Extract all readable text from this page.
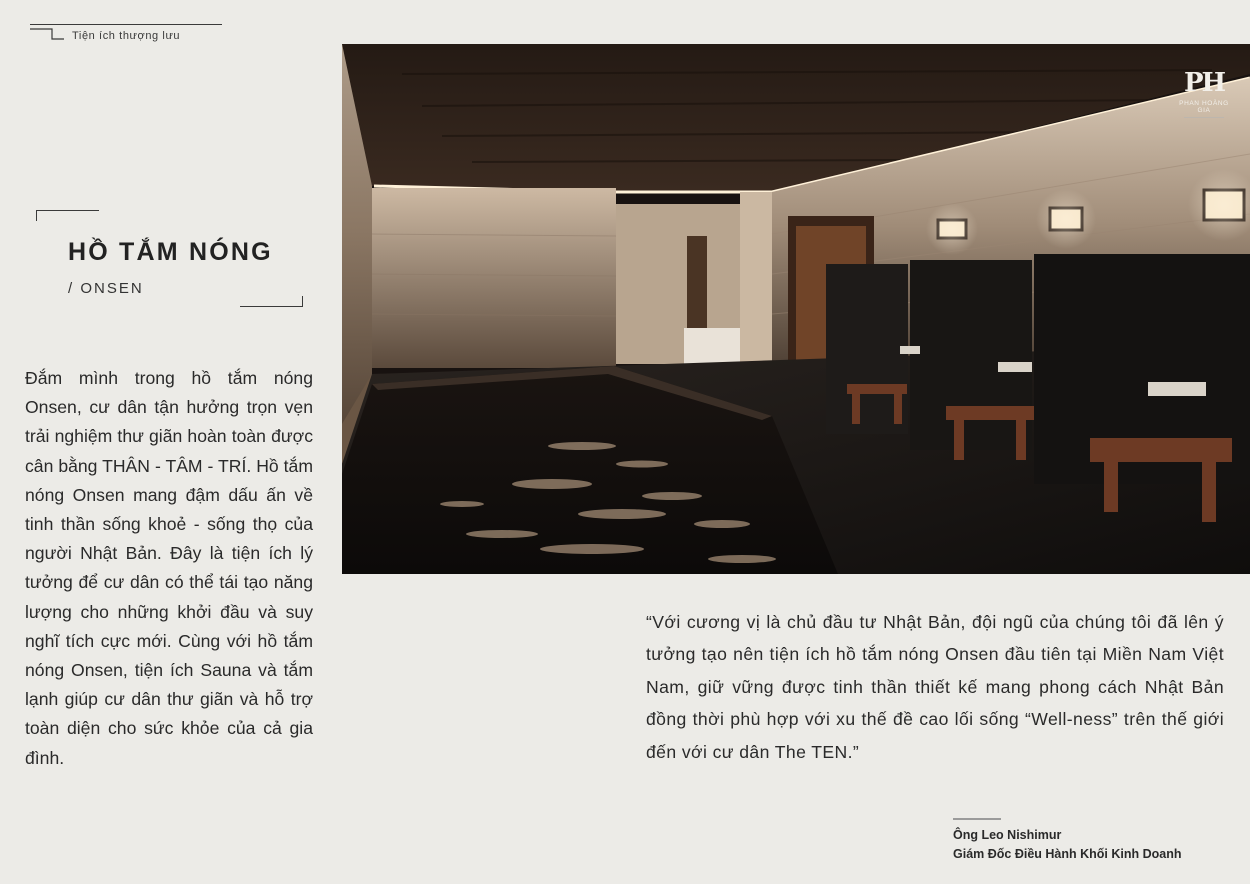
Tiện ích thượng lưu
HỒ TẮM NÓNG
/ ONSEN
Đắm mình trong hồ tắm nóng Onsen, cư dân tận hưởng trọn vẹn trải nghiệm thư giãn hoàn toàn được cân bằng THÂN - TÂM - TRÍ. Hồ tắm nóng Onsen mang đậm dấu ấn về tinh thần sống khoẻ - sống thọ của người Nhật Bản. Đây là tiện ích lý tưởng để cư dân có thể tái tạo năng lượng cho những khởi đầu và suy nghĩ tích cực mới. Cùng với hồ tắm nóng Onsen, tiện ích Sauna và tắm lạnh giúp cư dân thư giãn và hỗ trợ toàn diện cho sức khỏe của cả gia đình.
PH
PHAN HOÀNG GIA
“Với cương vị là chủ đầu tư Nhật Bản, đội ngũ của chúng tôi đã lên ý tưởng tạo nên tiện ích hồ tắm nóng Onsen đầu tiên tại Miền Nam Việt Nam, giữ vững được tinh thần thiết kế mang phong cách Nhật Bản đồng thời phù hợp với xu thế đề cao lối sống “Well-ness” trên thế giới đến với cư dân The TEN.”
Ông Leo Nishimur
Giám Đốc Điều Hành Khối Kinh Doanh
